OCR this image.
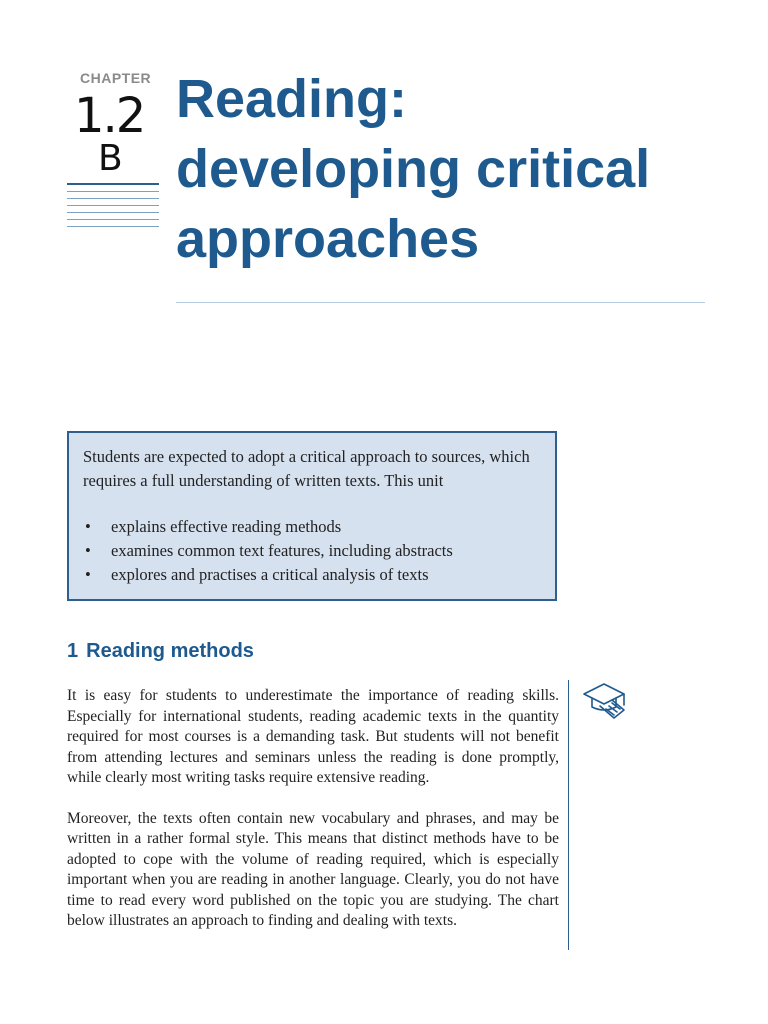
CHAPTER
1.2
B
Reading:
developing critical
approaches

Students are expected to adopt a critical approach to sources, which requires a full understanding of written texts. This unit

• explains effective reading methods
• examines common text features, including abstracts
• explores and practises a critical analysis of texts
1 Reading methods

It is easy for students to underestimate the importance of reading skills. Especially for international students, reading academic texts in the quantity required for most courses is a demanding task. But students will not benefit from attending lectures and seminars unless the reading is done promptly, while clearly most writing tasks require extensive reading.

Moreover, the texts often contain new vocabulary and phrases, and may be written in a rather formal style. This means that distinct methods have to be adopted to cope with the volume of reading required, which is especially important when you are reading in another language. Clearly, you do not have time to read every word published on the topic you are studying. The chart below illustrates an approach to finding and dealing with texts.
